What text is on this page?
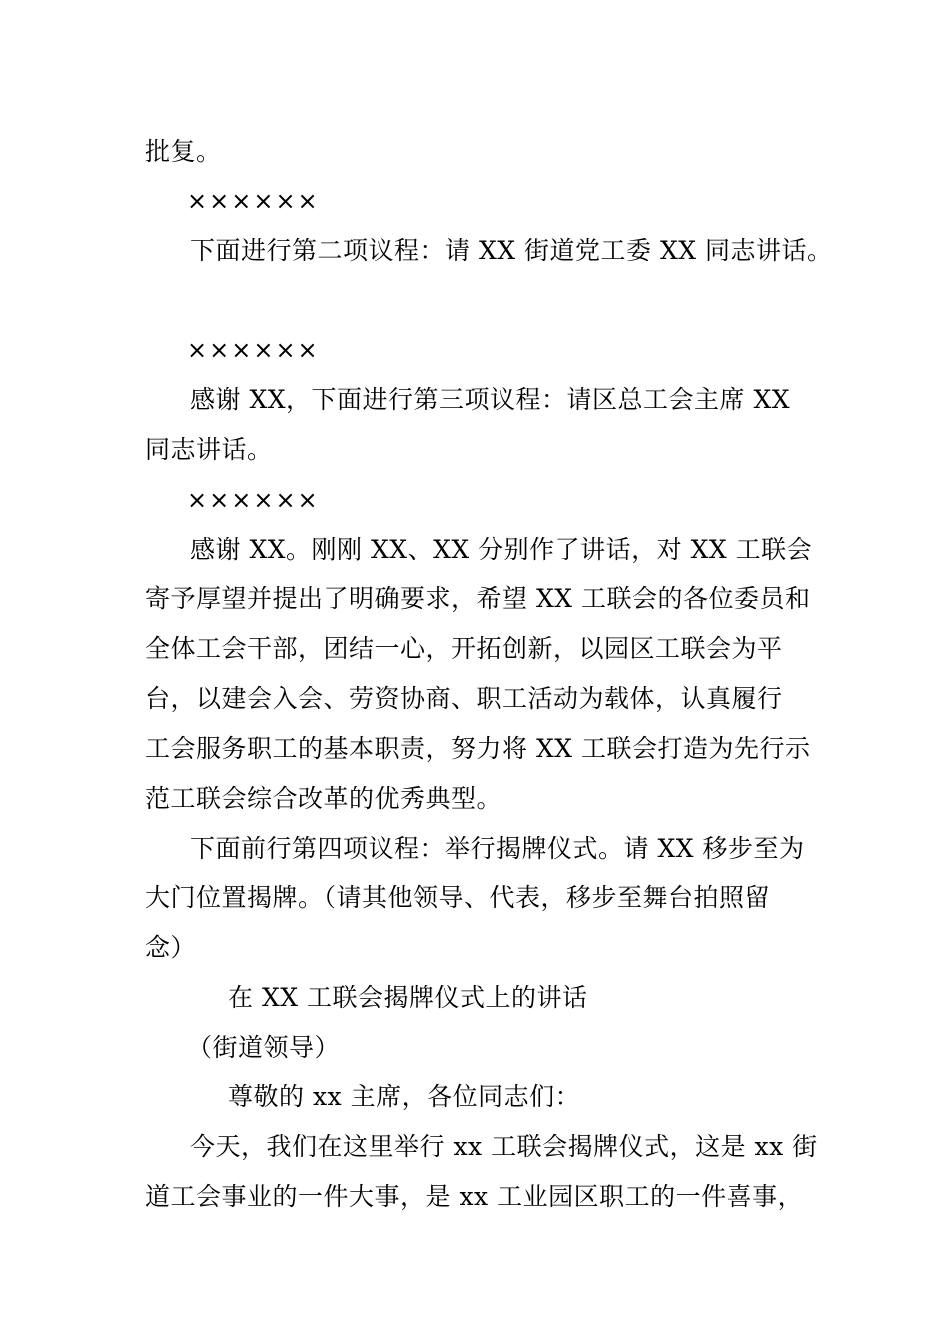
批复。
××××××
下面进行第二项议程：请 XX 街道党工委 XX 同志讲话。
××××××
感谢 XX，下面进行第三项议程：请区总工会主席 XX
同志讲话。
××××××
感谢 XX。刚刚 XX、XX 分别作了讲话，对 XX 工联会
寄予厚望并提出了明确要求，希望 XX 工联会的各位委员和
全体工会干部，团结一心，开拓创新，以园区工联会为平
台，以建会入会、劳资协商、职工活动为载体，认真履行
工会服务职工的基本职责，努力将 XX 工联会打造为先行示
范工联会综合改革的优秀典型。
下面前行第四项议程：举行揭牌仪式。请 XX 移步至为
大门位置揭牌。（请其他领导、代表，移步至舞台拍照留
念）
在 XX 工联会揭牌仪式上的讲话
（街道领导）
尊敬的 xx 主席，各位同志们：
今天，我们在这里举行 xx 工联会揭牌仪式，这是 xx 街
道工会事业的一件大事，是 xx 工业园区职工的一件喜事，
